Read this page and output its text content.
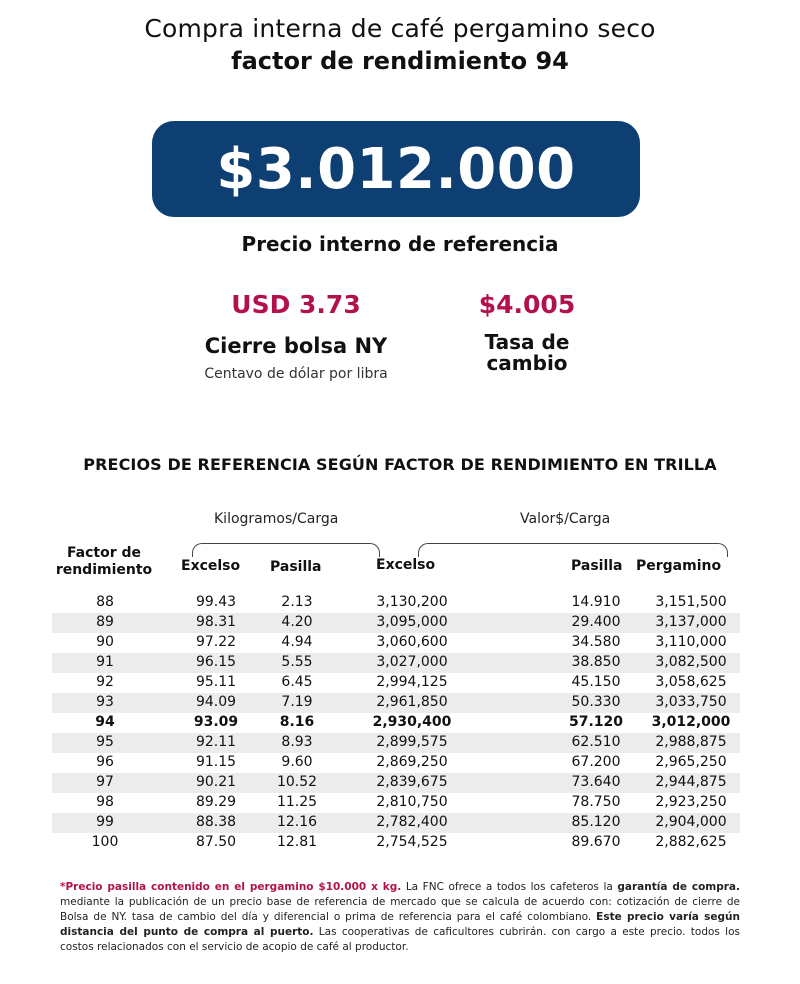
Compra interna de café pergamino seco
factor de rendimiento 94
$3.012.000
Precio interno de referencia
USD 3.73
Cierre bolsa NY
Centavo de dólar por libra
$4.005
Tasa de
cambio
PRECIOS DE REFERENCIA SEGÚN FACTOR DE RENDIMIENTO EN TRILLA
Kilogramos/Carga	Valor$/Carga
Factor de
rendimiento Excelso Pasilla	Excelso	Pasilla Pergamino
88	99.43	2.13	3,130,200	14.910	3,151,500
89	98.31	4.20	3,095,000	29.400	3,137,000
90	97.22	4.94	3,060,600	34.580	3,110,000
91	96.15	5.55	3,027,000	38.850	3,082,500
92	95.11	6.45	2,994,125	45.150	3,058,625
93	94.09	7.19	2,961,850	50.330	3,033,750
94	93.09	8.16	2,930,400	57.120	3,012,000
95	92.11	8.93	2,899,575	62.510	2,988,875
96	91.15	9.60	2,869,250	67.200	2,965,250
97	90.21	10.52	2,839,675	73.640	2,944,875
98	89.29	11.25	2,810,750	78.750	2,923,250
99	88.38	12.16	2,782,400	85.120	2,904,000
100	87.50	12.81	2,754,525	89.670	2,882,625
*Precio pasilla contenido en el pergamino $10.000 x kg. La FNC ofrece a todos los cafeteros la garantía de compra. mediante la publicación de un precio base de referencia de mercado que se calcula de acuerdo con: cotización de cierre de Bolsa de NY. tasa de cambio del día y diferencial o prima de referencia para el café colombiano. Este precio varía según distancia del punto de compra al puerto. Las cooperativas de caficultores cubrirán. con cargo a este precio. todos los costos relacionados con el servicio de acopio de café al productor.
